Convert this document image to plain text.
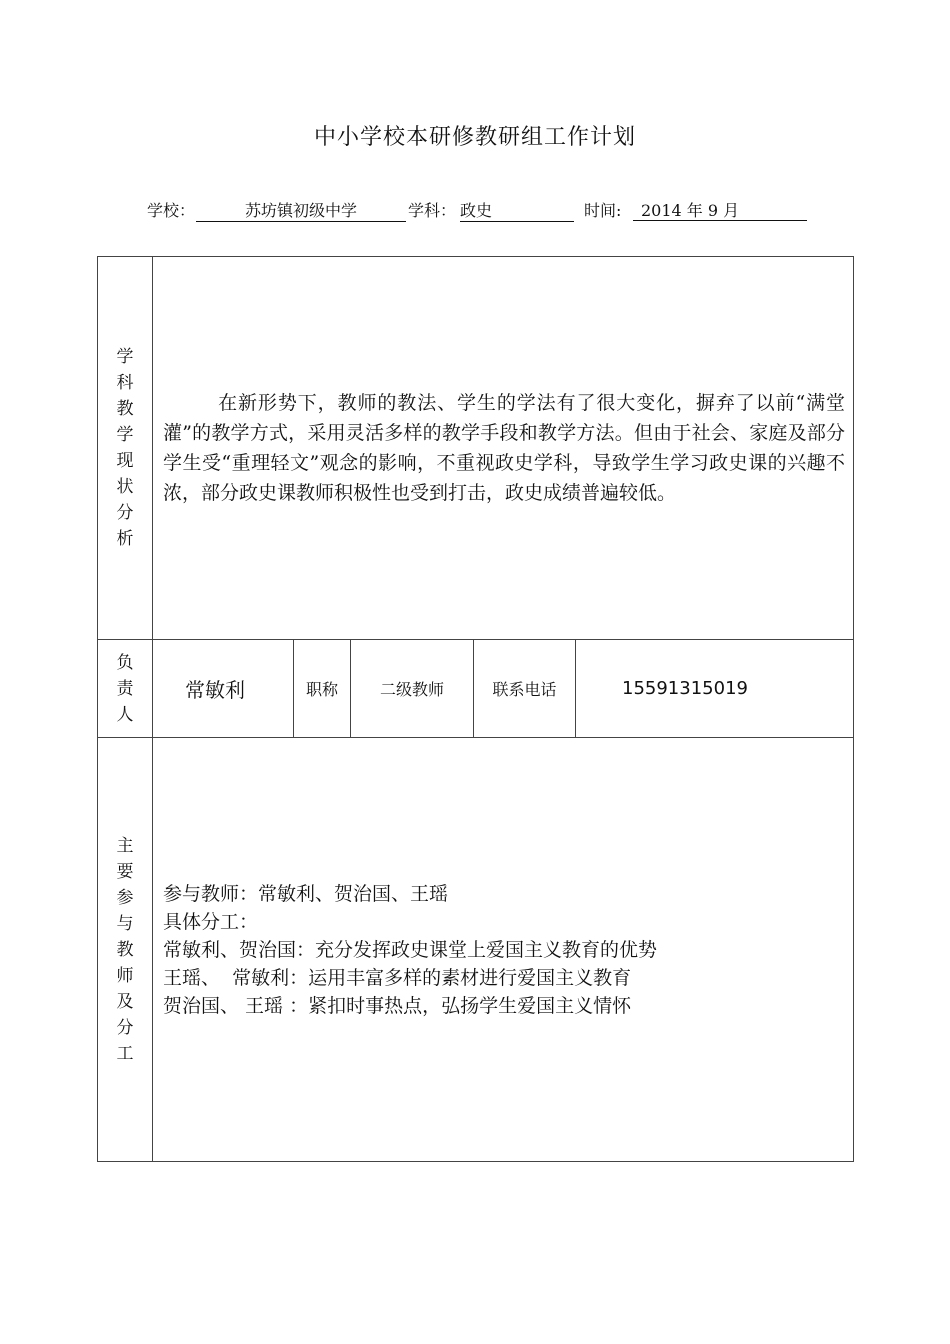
中小学校本研修教研组工作计划
学校：	苏坊镇初级中学	学科： 政史	时间:	2014 年 9 月
学科教学现状分析	在新形势下，教师的教法、学生的学法有了很大变化，摒弃了以前“满堂灌”的教学方式，采用灵活多样的教学手段和教学方法。但由于社会、家庭及部分学生受“重理轻文”观念的影响，不重视政史学科，导致学生学习政史课的兴趣不浓，部分政史课教师积极性也受到打击，政史成绩普遍较低。				

负责人	常敏利	职称	二级教师	联系电话	15591315019
主要参与教师及分工	参与教师：常敏利、贺治国、王瑶
具体分工：
常敏利、贺治国：充分发挥政史课堂上爱国主义教育的优势
王瑶、  常敏利：运用丰富多样的素材进行爱国主义教育
贺治国、 王瑶 ：紧扣时事热点，弘扬学生爱国主义情怀				
